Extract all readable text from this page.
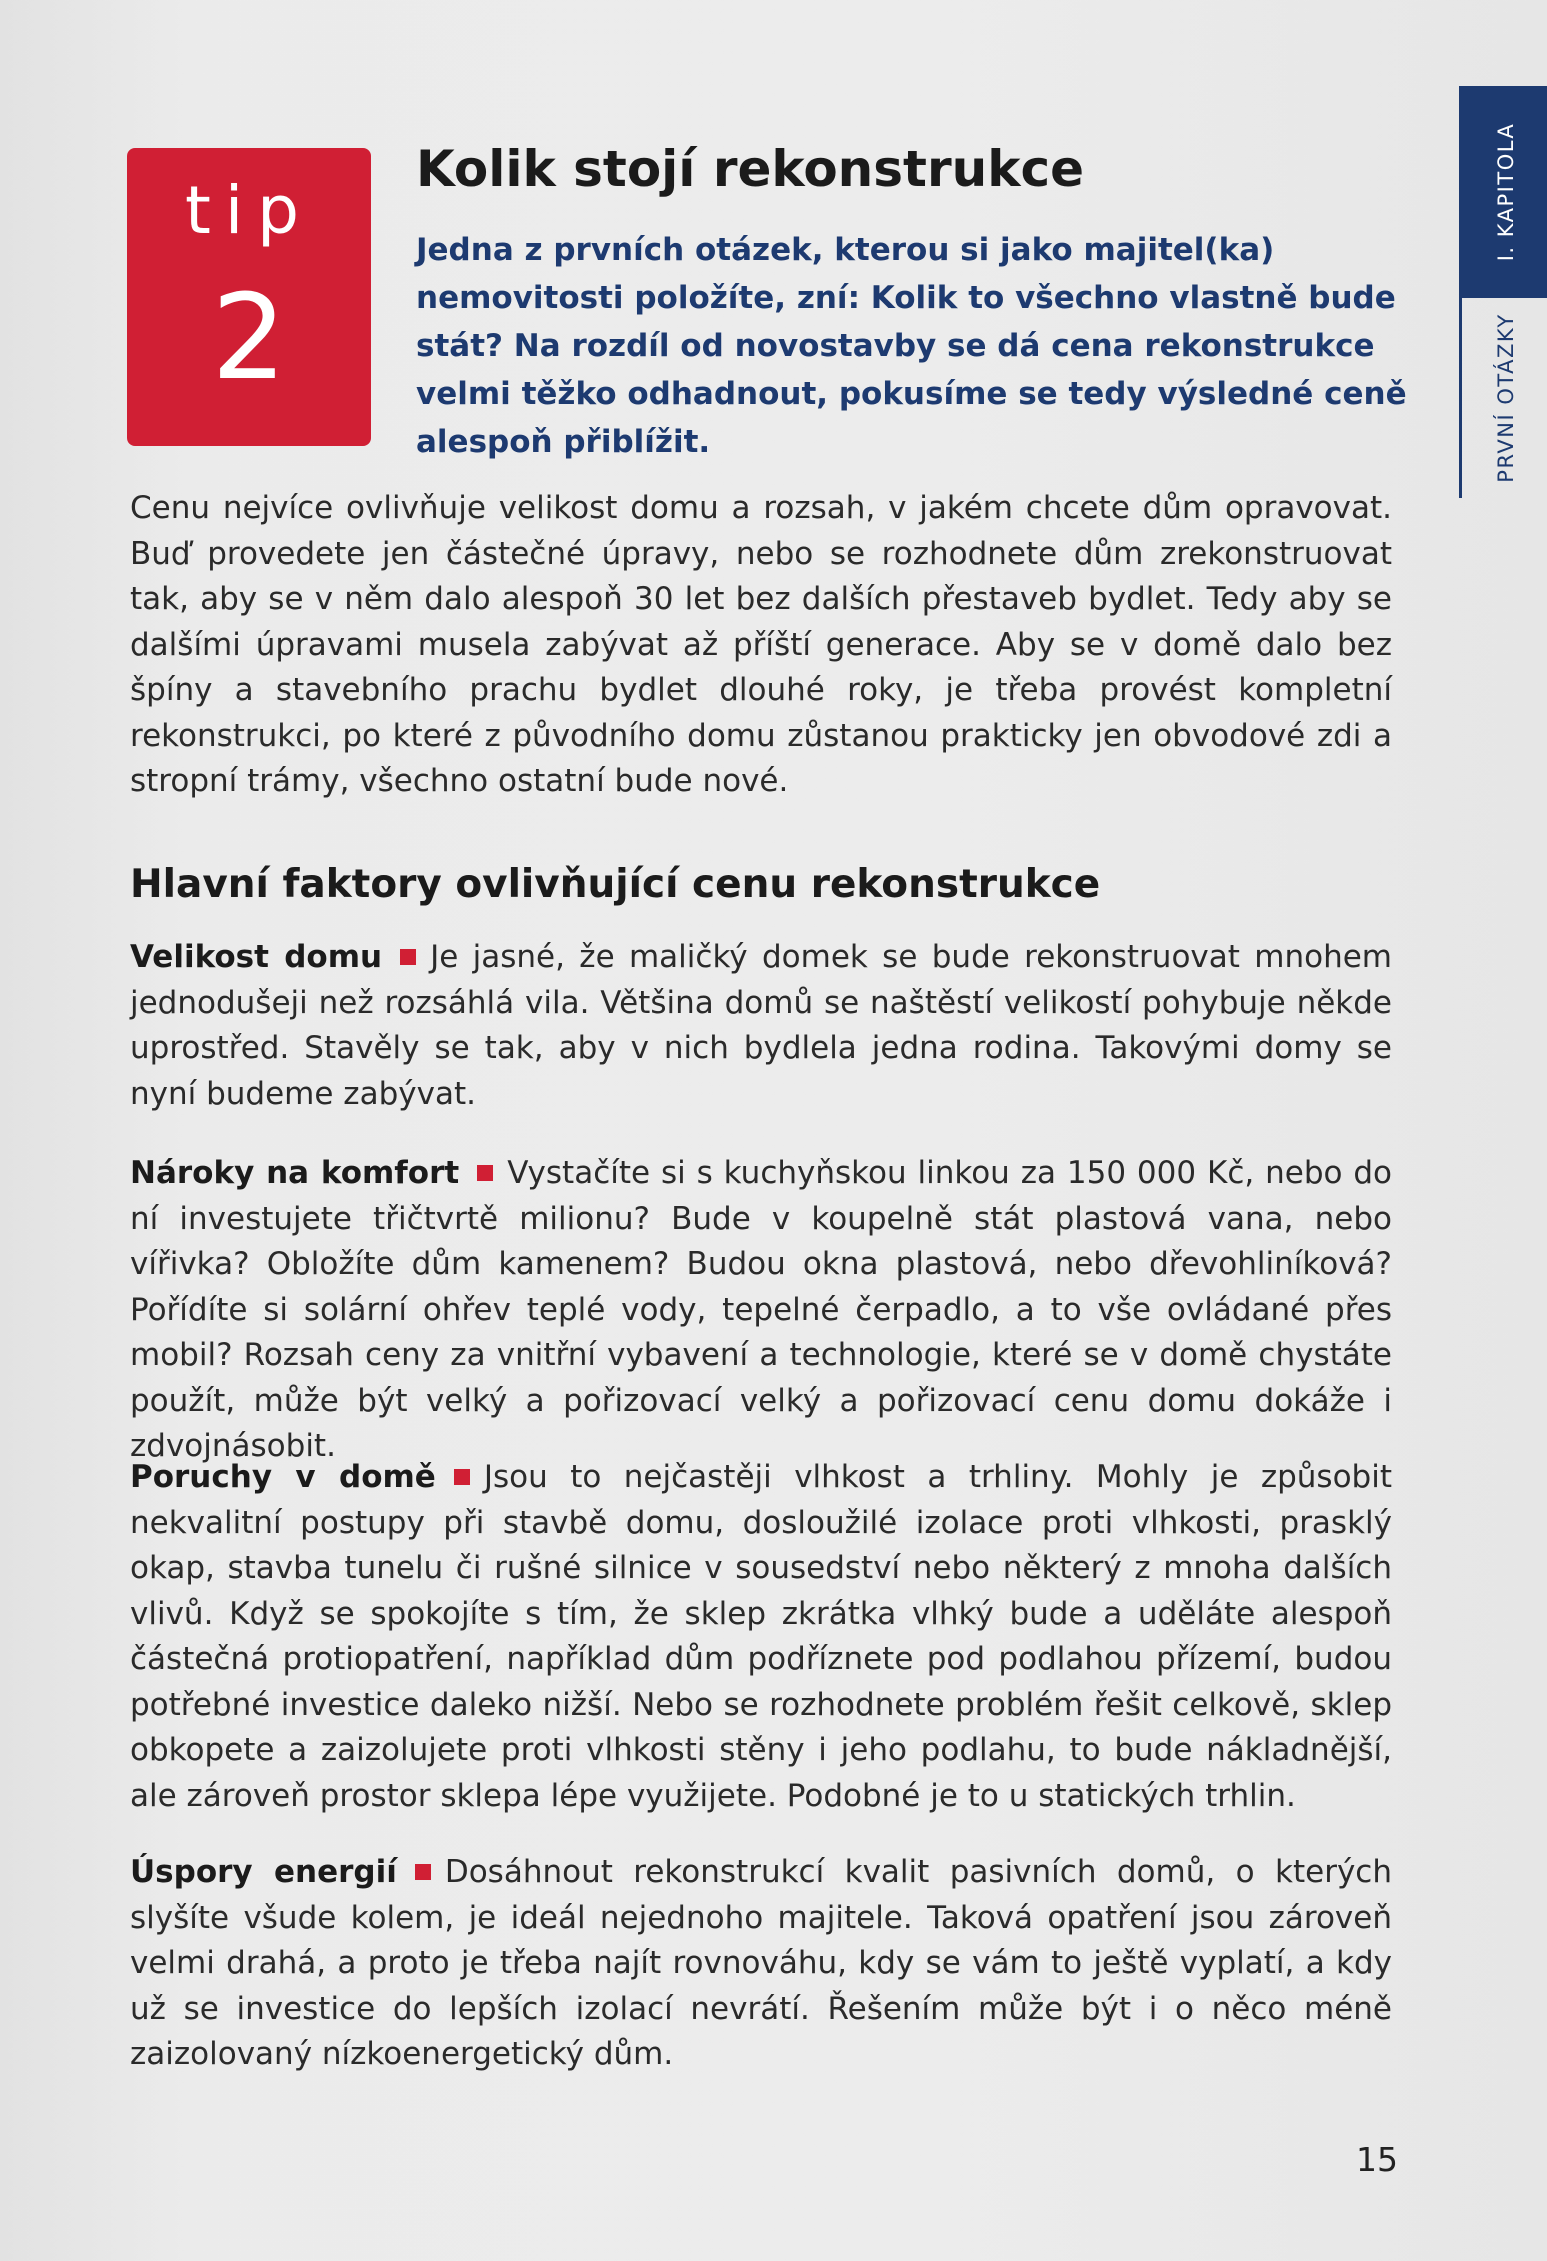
tip
2
Kolik stojí rekonstrukce

Jedna z prvních otázek, kterou si jako majitel(ka) nemovitosti položíte, zní: Kolik to všechno vlastně bude stát? Na rozdíl od novostavby se dá cena rekonstrukce velmi těžko odhadnout, pokusíme se tedy výsledné ceně alespoň přiblížit.

I. KAPITOLA
PRVNÍ OTÁZKY

Cenu nejvíce ovlivňuje velikost domu a rozsah, v jakém chcete dům opravovat. Buď provedete jen částečné úpravy, nebo se rozhodnete dům zrekonstruovat tak, aby se v něm dalo alespoň 30 let bez dalších přestaveb bydlet. Tedy aby se dalšími úpravami musela zabývat až příští generace. Aby se v domě dalo bez špíny a stavebního prachu bydlet dlouhé roky, je třeba provést kompletní rekonstrukci, po které z původního domu zůstanou prakticky jen obvodové zdi a stropní trámy, všechno ostatní bude nové.

Hlavní faktory ovlivňující cenu rekonstrukce

Velikost domu Je jasné, že maličký domek se bude rekonstruovat mnohem jednodušeji než rozsáhlá vila. Většina domů se naštěstí velikostí pohybuje někde uprostřed. Stavěly se tak, aby v nich bydlela jedna rodina. Takovými domy se nyní budeme zabývat.

Nároky na komfort Vystačíte si s kuchyňskou linkou za 150 000 Kč, nebo do ní investujete třičtvrtě milionu? Bude v koupelně stát plastová vana, nebo vířivka? Obložíte dům kamenem? Budou okna plastová, nebo dřevohliníková? Pořídíte si solární ohřev teplé vody, tepelné čerpadlo, a to vše ovládané přes mobil? Rozsah ceny za vnitřní vybavení a technologie, které se v domě chystáte použít, může být velký a pořizovací velký a pořizovací cenu domu dokáže i zdvojnásobit.

Poruchy v domě Jsou to nejčastěji vlhkost a trhliny. Mohly je způsobit nekvalitní postupy při stavbě domu, dosloužilé izolace proti vlhkosti, prasklý okap, stavba tunelu či rušné silnice v sousedství nebo některý z mnoha dalších vlivů. Když se spokojíte s tím, že sklep zkrátka vlhký bude a uděláte alespoň částečná protiopatření, například dům podříznete pod podlahou přízemí, budou potřebné investice daleko nižší. Nebo se rozhodnete problém řešit celkově, sklep obkopete a zaizolujete proti vlhkosti stěny i jeho podlahu, to bude nákladnější, ale zároveň prostor sklepa lépe využijete. Podobné je to u statických trhlin.

Úspory energií Dosáhnout rekonstrukcí kvalit pasivních domů, o kterých slyšíte všude kolem, je ideál nejednoho majitele. Taková opatření jsou zároveň velmi drahá, a proto je třeba najít rovnováhu, kdy se vám to ještě vyplatí, a kdy už se investice do lepších izolací nevrátí. Řešením může být i o něco méně zaizolovaný nízkoenergetický dům.

15
